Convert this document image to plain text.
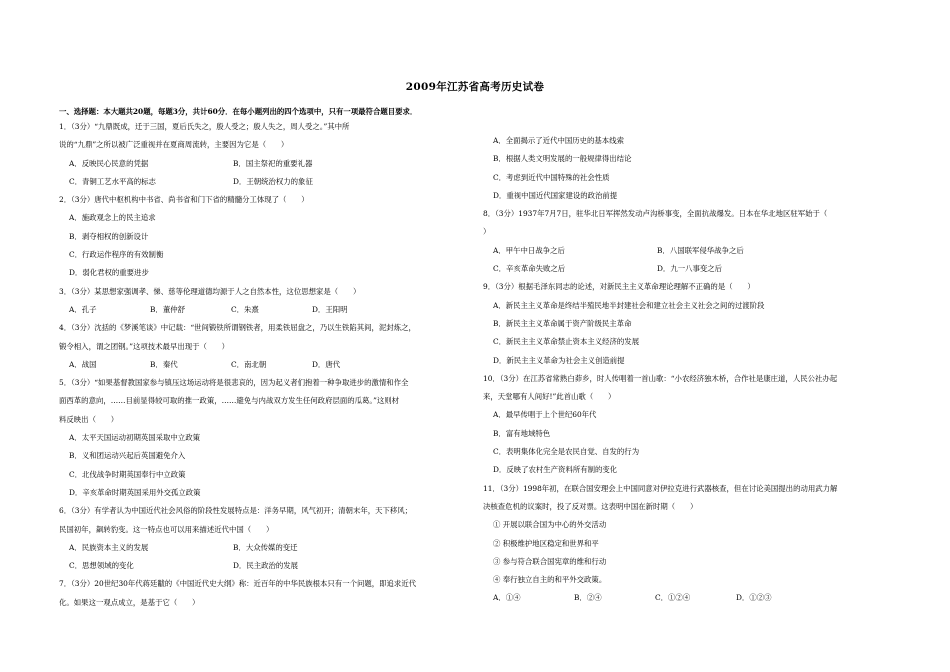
2009年江苏省高考历史试卷
一、选择题：本大题共20题，每题3分，共计60分．在每小题列出的四个选项中，只有一项最符合题目要求．
1．（3分）“九鼎既成，迁于三国，夏后氏失之，殷人受之；殷人失之，周人受之。”其中所
说的“九鼎”之所以被广泛重视并在夏商周流转，主要因为它是（　　）
A．反映民心民意的凭据	B．国主祭祀的重要礼器
C．青铜工艺水平高的标志	D．王朝统治权力的象征
2．（3分）唐代中枢机构中书省、尚书省和门下省的精髓分工体现了（　　）
A．施政观念上的民主追求
B．剥夺相权的创新设计
C．行政运作程序的有效制衡
D．弱化君权的重要进步
3．（3分）某思想家强调孝、悌、慈等伦理道德均源于人之自然本性，这位思想家是（　　）
A．孔子	B．董仲舒	C．朱熹	D．王阳明
4．（3分）沈括的《梦溪笔谈》中记载：“世间锻铁所谓钢铁者，用柔铁屈盘之，乃以生铁陷其间，泥封炼之，
锻令相入，谓之团钢。”这项技术最早出现于（　　）
A．战国	B．秦代	C．南北朝	D．唐代
5．（3分）“如果基督教国家参与镇压这场运动将是很悲哀的，因为起义者们抱着一种争取进步的激情和作全
面西革的意向，……目前显得较可取的推一政策，……避免与内战双方发生任何政府层面的瓜葛。”这则材
料反映出（　　）
A．太平天国运动初期英国采取中立政策
B．义和团运动兴起后英国避免介入
C．北伐战争时期英国奉行中立政策
D．辛亥革命时期英国采用外交孤立政策
6．（3分）有学者认为中国近代社会风俗的阶段性发展特点是：洋务早期，风气初开；清朝末年，天下移风；
民国初年，飙转豹变。这一特点也可以用来描述近代中国（　　）
A．民族资本主义的发展	B．大众传媒的变迁
C．思想领域的变化	D．民主政治的发展
7．（3分）20世纪30年代蒋廷黻的《中国近代史大纲》称：近百年的中华民族根本只有一个问题，即追求近代
化。如果这一观点成立，是基于它（　　）
A．全面揭示了近代中国历史的基本线索
B．根据人类文明发展的一般规律得出结论
C．考虑到近代中国特殊的社会性质
D．重视中国近代国家建设的政治前提
8．（3分）1937年7月7日，驻华北日军挥然发动卢沟桥事变，全面抗战爆发。日本在华北地区驻军始于（
）
A．甲午中日战争之后	B．八国联军侵华战争之后
C．辛亥革命失败之后	D．九一八事变之后
9．（3分）根据毛泽东同志的论述，对新民主主义革命理论理解不正确的是（　　）
A．新民主主义革命是终结半殖民地半封建社会和建立社会主义社会之间的过渡阶段
B．新民主主义革命属于资产阶级民主革命
C．新民主主义革命禁止资本主义经济的发展
D．新民主主义革命为社会主义创造前提
10．（3分）在江苏省常熟白茆乡，时人传唱着一首山歌：“小农经济独木桥，合作社是康庄道，人民公社办起
来，天堂哪有人间好!”此首山歌（　　）
A．最早传唱于上个世纪60年代
B．富有地域特色
C．表明集体化完全是农民自觉、自发的行为
D．反映了农村生产资料所有制的变化
11．（3分）1998年初，在联合国安理会上中国同意对伊拉克进行武器核查，但在讨论美国提出的动用武力解
决核查危机的议案时，投了反对票。这表明中国在新时期（　　）
① 开展以联合国为中心的外交活动
② 积极维护地区稳定和世界和平
③ 参与符合联合国宪章的维和行动
④ 奉行独立自主的和平外交政策。
A．①④	B．②④	C．①②④	D．①②③
